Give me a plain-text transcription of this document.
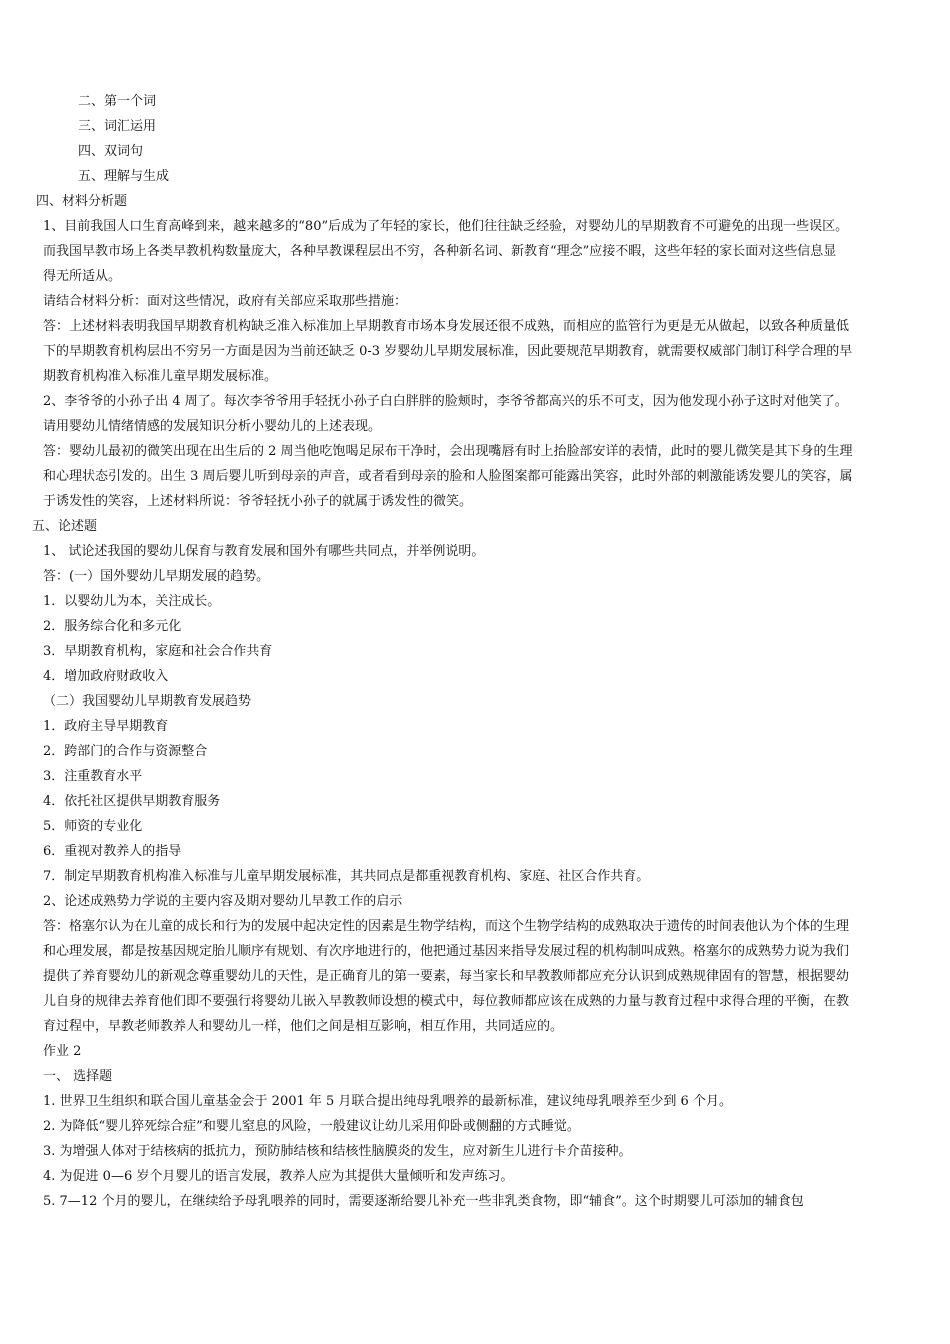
二、第一个词
三、词汇运用
四、双词句
五、理解与生成
四、材料分析题
1、目前我国人口生育高峰到来，越来越多的“80”后成为了年轻的家长，他们往往缺乏经验，对婴幼儿的早期教育不可避免的出现一些误区。
而我国早教市场上各类早教机构数量庞大，各种早教课程层出不穷，各种新名词、新教育“理念”应接不暇，这些年轻的家长面对这些信息显
得无所适从。
请结合材料分析：面对这些情况，政府有关部应采取那些措施：
答：上述材料表明我国早期教育机构缺乏准入标准加上早期教育市场本身发展还很不成熟，而相应的监管行为更是无从做起，以致各种质量低
下的早期教育机构层出不穷另一方面是因为当前还缺乏 0-3 岁婴幼儿早期发展标准，因此要规范早期教育，就需要权威部门制订科学合理的早
期教育机构准入标准儿童早期发展标准。
2、李爷爷的小孙子出 4 周了。每次李爷爷用手轻抚小孙子白白胖胖的脸颊时，李爷爷都高兴的乐不可支，因为他发现小孙子这时对他笑了。
请用婴幼儿情绪情感的发展知识分析小婴幼儿的上述表现。
答：婴幼儿最初的微笑出现在出生后的 2 周当他吃饱喝足尿布干净时，会出现嘴唇有时上抬脸部安详的表情，此时的婴儿微笑是其下身的生理
和心理状态引发的。出生 3 周后婴儿听到母亲的声音，或者看到母亲的脸和人脸图案都可能露出笑容，此时外部的刺激能诱发婴儿的笑容，属
于诱发性的笑容，上述材料所说：爷爷轻抚小孙子的就属于诱发性的微笑。
五、论述题
1、 试论述我国的婴幼儿保育与教育发展和国外有哪些共同点，并举例说明。
答：(一）国外婴幼儿早期发展的趋势。
1．以婴幼儿为本，关注成长。
2．服务综合化和多元化
3．早期教育机构，家庭和社会合作共育
4．增加政府财政收入
（二）我国婴幼儿早期教育发展趋势
1．政府主导早期教育
2．跨部门的合作与资源整合
3．注重教育水平
4．依托社区提供早期教育服务
5．师资的专业化
6．重视对教养人的指导
7．制定早期教育机构准入标准与儿童早期发展标准，其共同点是都重视教育机构、家庭、社区合作共育。
2、论述成熟势力学说的主要内容及期对婴幼儿早教工作的启示
答：格塞尔认为在儿童的成长和行为的发展中起决定性的因素是生物学结构，而这个生物学结构的成熟取决于遗传的时间表他认为个体的生理
和心理发展，都是按基因规定胎儿顺序有规划、有次序地进行的，他把通过基因来指导发展过程的机构制叫成熟。格塞尔的成熟势力说为我们
提供了养育婴幼儿的新观念尊重婴幼儿的天性，是正确育儿的第一要素，每当家长和早教教师都应充分认识到成熟规律固有的智慧，根据婴幼
儿自身的规律去养育他们即不要强行将婴幼儿嵌入早教教师设想的模式中，每位教师都应该在成熟的力量与教育过程中求得合理的平衡，在教
育过程中，早教老师教养人和婴幼儿一样，他们之间是相互影响，相互作用，共同适应的。
作业 2
一、 选择题
1. 世界卫生组织和联合国儿童基金会于 2001 年 5 月联合提出纯母乳喂养的最新标准，建议纯母乳喂养至少到 6 个月。
2. 为降低“婴儿猝死综合症”和婴儿窒息的风险，一般建议让幼儿采用仰卧或侧翻的方式睡觉。
3. 为增强人体对于结核病的抵抗力，预防肺结核和结核性脑膜炎的发生，应对新生儿进行卡介苗接种。
4. 为促进 0—6 岁个月婴儿的语言发展，教养人应为其提供大量倾听和发声练习。
5. 7—12 个月的婴儿，在继续给予母乳喂养的同时，需要逐渐给婴儿补充一些非乳类食物，即“辅食”。这个时期婴儿可添加的辅食包
